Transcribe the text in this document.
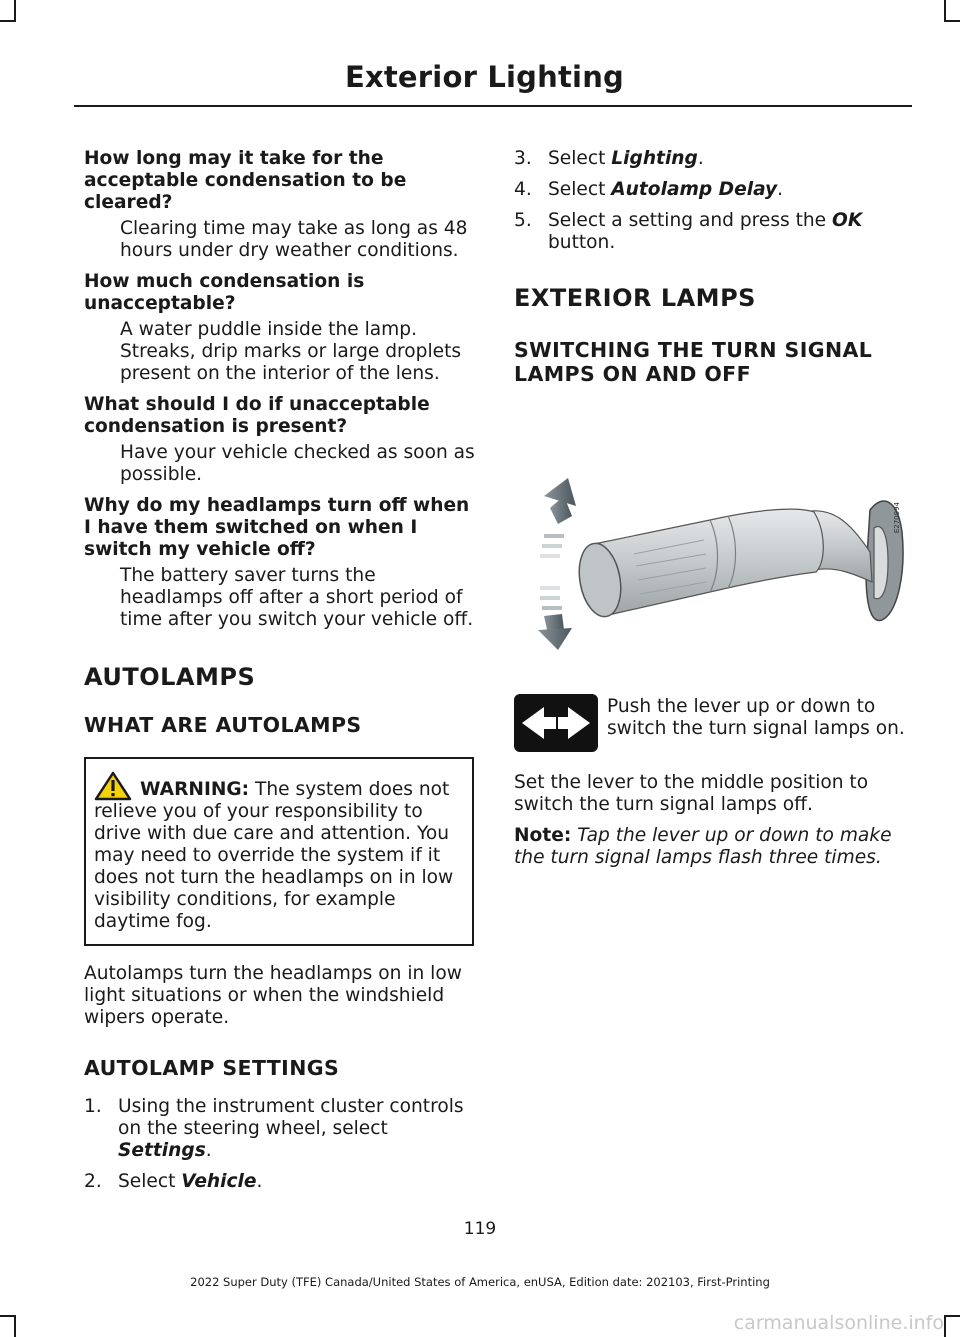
Exterior Lighting

How long may it take for the acceptable condensation to be cleared?

Clearing time may take as long as 48 hours under dry weather conditions.

How much condensation is unacceptable?

A water puddle inside the lamp. Streaks, drip marks or large droplets present on the interior of the lens.

What should I do if unacceptable condensation is present?

Have your vehicle checked as soon as possible.

Why do my headlamps turn off when I have them switched on when I switch my vehicle off?

The battery saver turns the headlamps off after a short period of time after you switch your vehicle off.

AUTOLAMPS
WHAT ARE AUTOLAMPS

WARNING: The system does not relieve you of your responsibility to drive with due care and attention. You may need to override the system if it does not turn the headlamps on in low visibility conditions, for example daytime fog.

Autolamps turn the headlamps on in low light situations or when the windshield wipers operate.

AUTOLAMP SETTINGS
1. Using the instrument cluster controls on the steering wheel, select Settings.
2. Select Vehicle.
3. Select Lighting.
4. Select Autolamp Delay.
5. Select a setting and press the OK button.
EXTERIOR LAMPS
SWITCHING THE TURN SIGNAL LAMPS ON AND OFF
E270994

Push the lever up or down to switch the turn signal lamps on.

Set the lever to the middle position to switch the turn signal lamps off.

Note: Tap the lever up or down to make the turn signal lamps flash three times.

119
2022 Super Duty (TFE) Canada/United States of America, enUSA, Edition date: 202103, First-Printing
carmanualsonline.info
